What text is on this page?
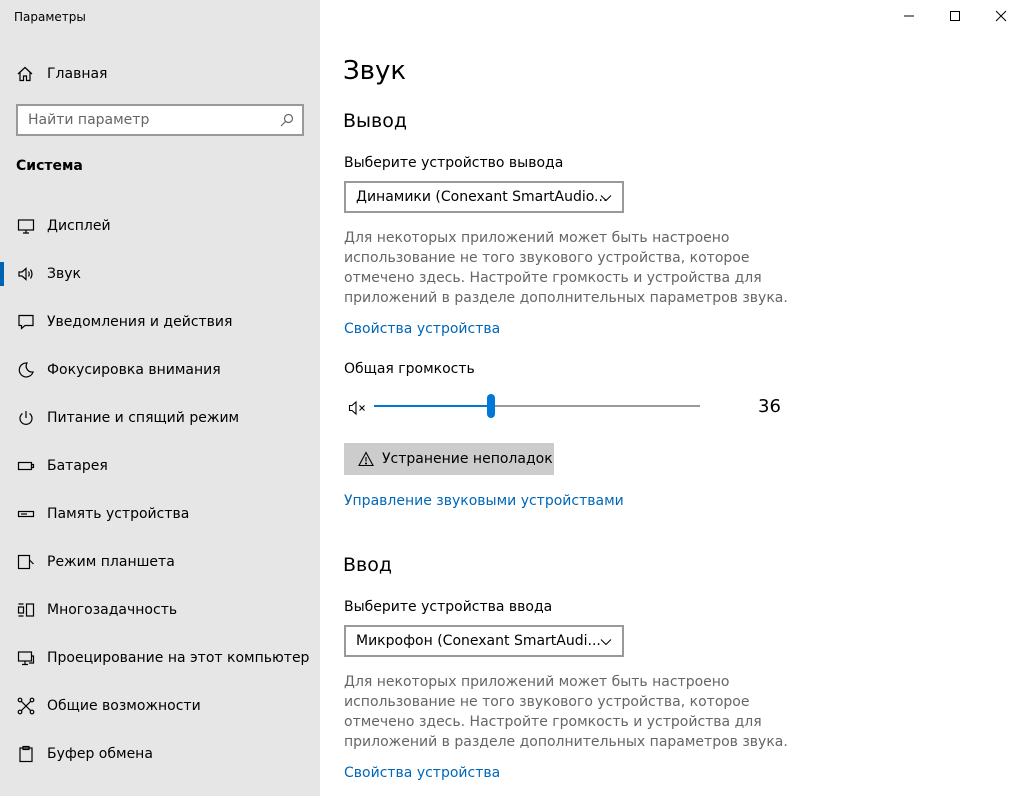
Параметры
Главная
Найти параметр
Система
Дисплей
Звук
Уведомления и действия
Фокусировка внимания
Питание и спящий режим
Батарея
Память устройства
Режим планшета
Многозадачность
Проецирование на этот компьютер
Общие возможности
Буфер обмена
Звук
Вывод
Выберите устройство вывода
Динамики (Conexant SmartAudio...
Для некоторых приложений может быть настроено использование не того звукового устройства, которое отмечено здесь. Настройте громкость и устройства для приложений в разделе дополнительных параметров звука.
Свойства устройства
Общая громкость
36
Устранение неполадок
Управление звуковыми устройствами
Ввод
Выберите устройства ввода
Микрофон (Conexant SmartAudi...
Для некоторых приложений может быть настроено использование не того звукового устройства, которое отмечено здесь. Настройте громкость и устройства для приложений в разделе дополнительных параметров звука.
Свойства устройства
